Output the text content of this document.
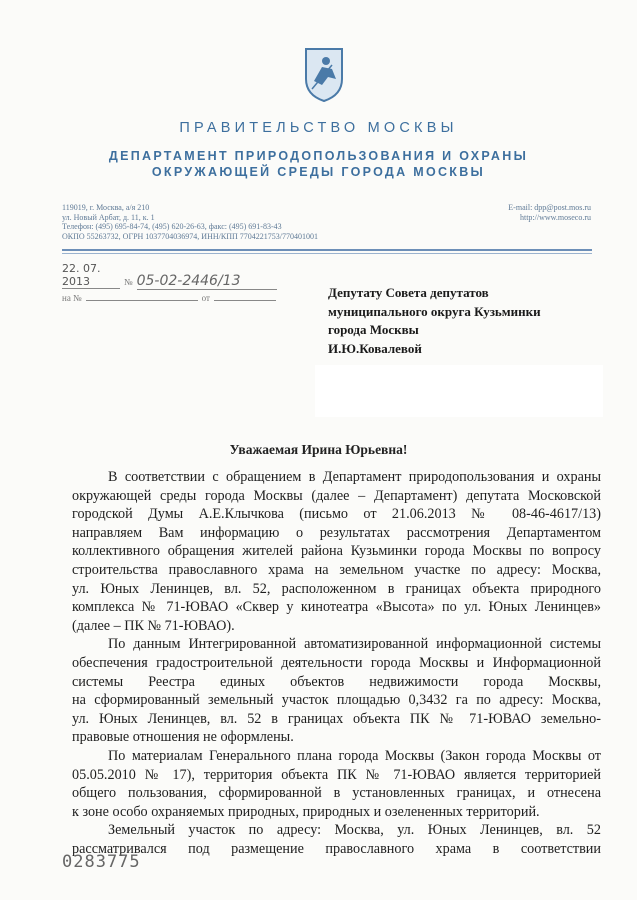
ПРАВИТЕЛЬСТВО МОСКВЫ
ДЕПАРТАМЕНТ ПРИРОДОПОЛЬЗОВАНИЯ И ОХРАНЫ
ОКРУЖАЮЩЕЙ СРЕДЫ ГОРОДА МОСКВЫ
119019, г. Москва, а/я 210
ул. Новый Арбат, д. 11, к. 1
Телефон: (495) 695-84-74, (495) 620-26-63, факс: (495) 691-83-43
ОКПО 55263732, ОГРН 1037704036974, ИНН/КПП 7704221753/770401001
E-mail: dpp@post.mos.ru
http://www.moseco.ru
22. 07. 2013	№ 05-02-2446/13
на №	от	Депутату Совета депутатов
муниципального округа Кузьминки
города Москвы
И.Ю.Ковалевой
Уважаемая Ирина Юрьевна!
В соответствии с обращением в Департамент природопользования и охраны
окружающей среды города Москвы (далее – Департамент) депутата Московской
городской Думы А.Е.Клычкова (письмо от 21.06.2013 № 08-46-4617/13)
направляем Вам информацию о результатах рассмотрения Департаментом
коллективного обращения жителей района Кузьминки города Москвы по вопросу
строительства православного храма на земельном участке по адресу: Москва,
ул. Юных Ленинцев, вл. 52, расположенном в границах объекта природного
комплекса № 71-ЮВАО «Сквер у кинотеатра «Высота» по ул. Юных Ленинцев»
(далее – ПК № 71-ЮВАО).
По данным Интегрированной автоматизированной информационной системы
обеспечения градостроительной деятельности города Москвы и Информационной
системы Реестра единых объектов недвижимости города Москвы,
на сформированный земельный участок площадью 0,3432 га по адресу: Москва,
ул. Юных Ленинцев, вл. 52 в границах объекта ПК № 71-ЮВАО земельно-
правовые отношения не оформлены.
По материалам Генерального плана города Москвы (Закон города Москвы от
05.05.2010 № 17), территория объекта ПК № 71-ЮВАО является территорией
общего пользования, сформированной в установленных границах, и отнесена
к зоне особо охраняемых природных, природных и озелененных территорий.
Земельный участок по адресу: Москва, ул. Юных Ленинцев, вл. 52
рассматривался под размещение православного храма в соответствии
0283775
